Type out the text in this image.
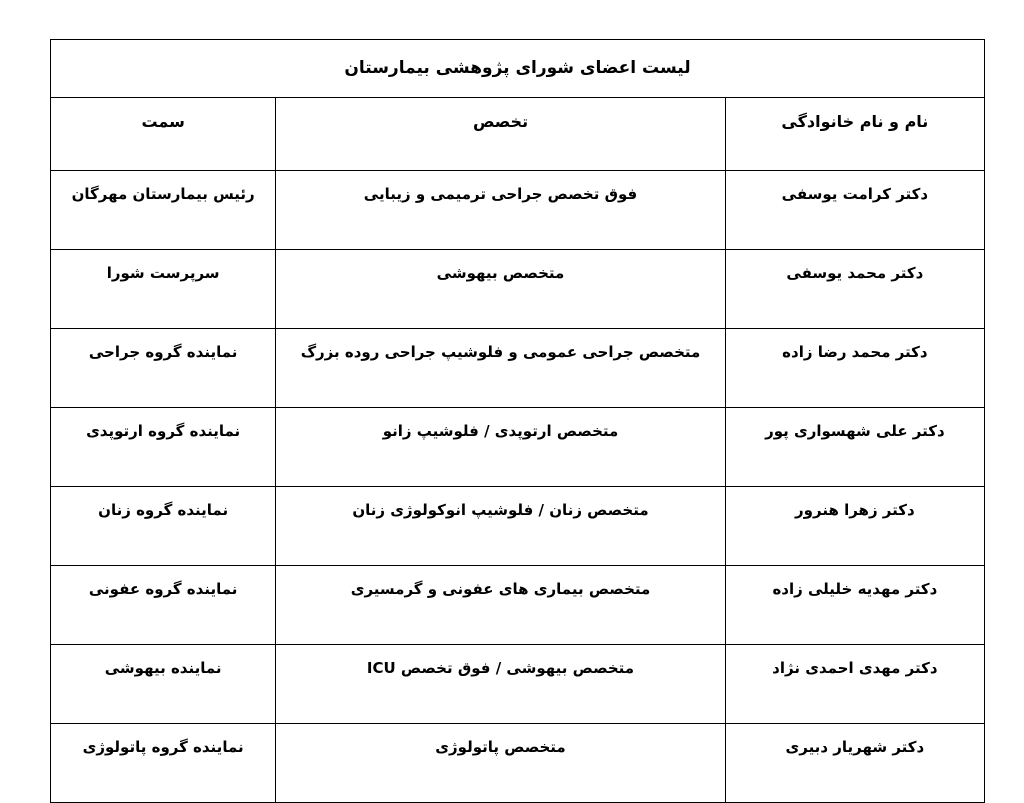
لیست اعضای شورای پژوهشی بیمارستان		
نام و نام خانوادگی	تخصص	سمت
دکتر کرامت یوسفی	فوق تخصص جراحی ترمیمی و زیبایی	رئیس بیمارستان مهرگان
دکتر محمد یوسفی	متخصص بیهوشی	سرپرست شورا
دکتر محمد رضا زاده	متخصص جراحی عمومی و فلوشیپ جراحی روده بزرگ	نماینده گروه جراحی
دکتر علی شهسواری پور	متخصص ارتوپدی / فلوشیپ زانو	نماینده گروه ارتوپدی
دکتر زهرا هنرور	متخصص زنان / فلوشیپ انوکولوژی زنان	نماینده گروه زنان
دکتر مهدیه خلیلی زاده	متخصص بیماری های عفونی و گرمسیری	نماینده گروه عفونی
دکتر مهدی احمدی نژاد	متخصص بیهوشی / فوق تخصص ICU	نماینده بیهوشی
دکتر شهریار دبیری	متخصص پاتولوژی	نماینده گروه پاتولوژی
